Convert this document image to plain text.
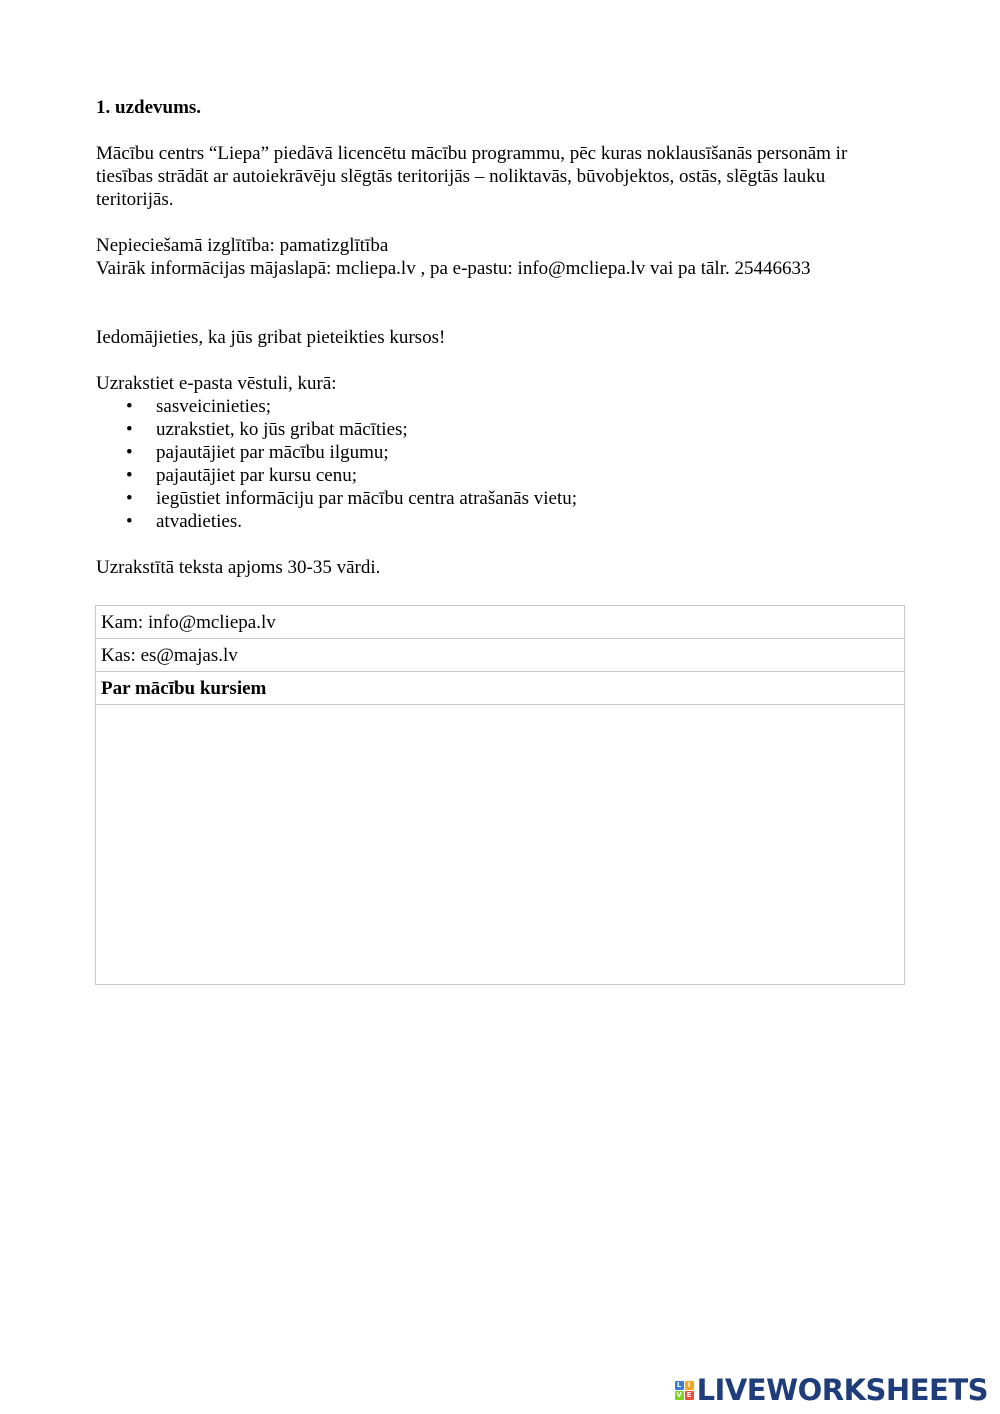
1. uzdevums.

Mācību centrs “Liepa” piedāvā licencētu mācību programmu, pēc kuras noklausīšanās personām ir tiesības strādāt ar autoiekrāvēju slēgtās teritorijās – noliktavās, būvobjektos, ostās, slēgtās lauku teritorijās.

Nepieciešamā izglītība: pamatizglītība

Vairāk informācijas mājaslapā: mcliepa.lv , pa e-pastu: info@mcliepa.lv vai pa tālr. 25446633

Iedomājieties, ka jūs gribat pieteikties kursos!

Uzrakstiet e-pasta vēstuli, kurā:

• sasveicinieties;
• uzrakstiet, ko jūs gribat mācīties;
• pajautājiet par mācību ilgumu;
• pajautājiet par kursu cenu;
• iegūstiet informāciju par mācību centra atrašanās vietu;
• atvadieties.

Uzrakstītā teksta apjoms 30-35 vārdi.

Kam: info@mcliepa.lv
Kas: es@majas.lv
Par mācību kursiem

L I
V E LIVEWORKSHEETS
